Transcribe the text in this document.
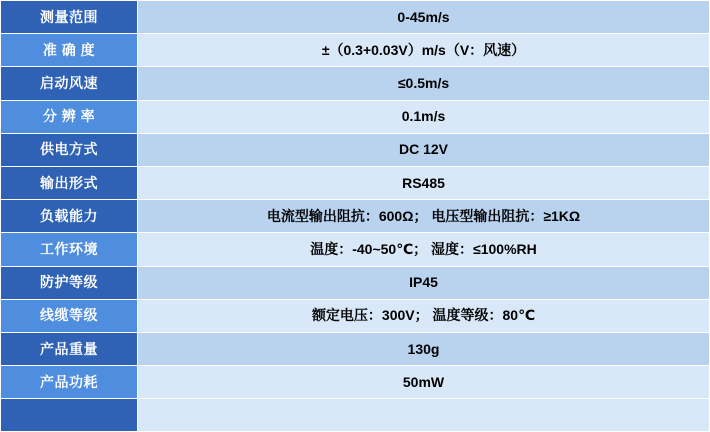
测量范围	0-45m/s
准 确 度	±（0.3+0.03V）m/s（V：风速）
启动风速	≤0.5m/s
分 辨 率	0.1m/s
供电方式	DC 12V
输出形式	RS485
负载能力	电流型输出阻抗：600Ω； 电压型输出阻抗：≥1KΩ
工作环境	温度：-40~50℃； 湿度：≤100%RH
防护等级	IP45
线缆等级	额定电压：300V； 温度等级：80℃
产品重量	130g
产品功耗	50mW
